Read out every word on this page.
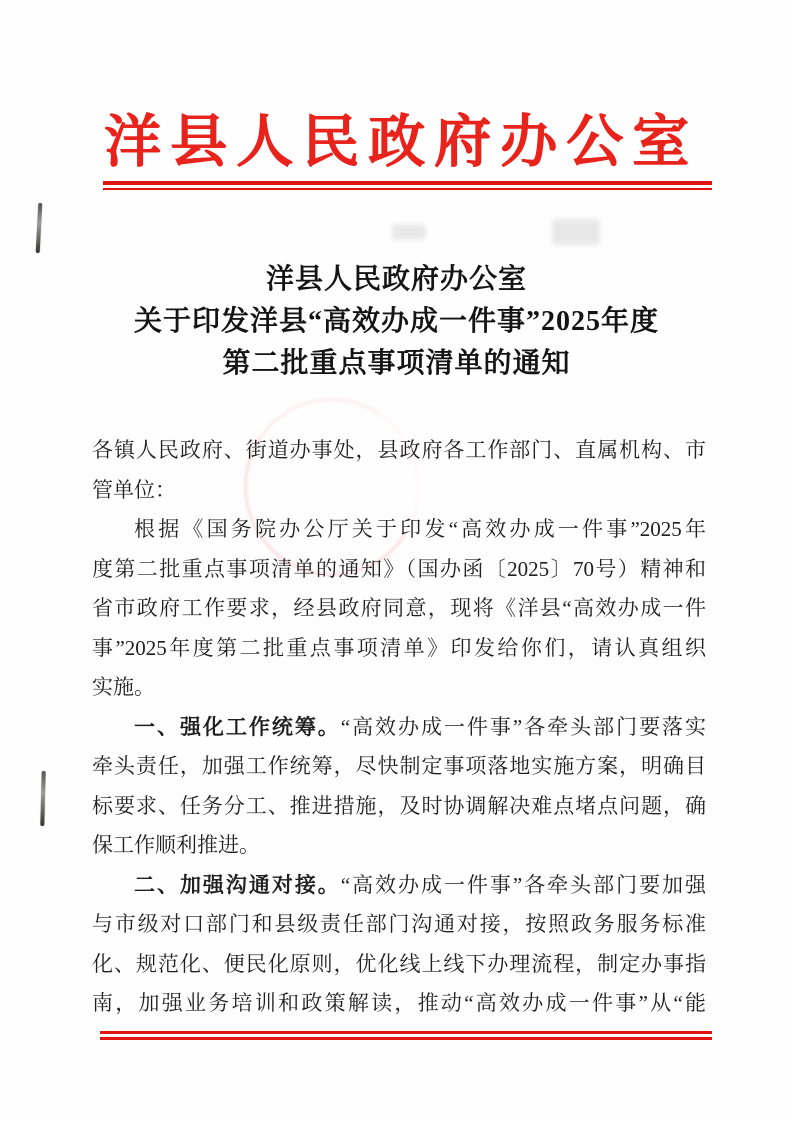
洋县人民政府办公室
洋县人民政府办公室
关于印发洋县“高效办成一件事”2025年度
第二批重点事项清单的通知
各镇人民政府、街道办事处，县政府各工作部门、直属机构、市
管单位：
根据《国务院办公厅关于印发“高效办成一件事”2025年
度第二批重点事项清单的通知》（国办函〔2025〕70号）精神和
省市政府工作要求，经县政府同意，现将《洋县“高效办成一件
事”2025年度第二批重点事项清单》印发给你们，请认真组织
实施。
一、强化工作统筹。“高效办成一件事”各牵头部门要落实
牵头责任，加强工作统筹，尽快制定事项落地实施方案，明确目
标要求、任务分工、推进措施，及时协调解决难点堵点问题，确
保工作顺利推进。
二、加强沟通对接。“高效办成一件事”各牵头部门要加强
与市级对口部门和县级责任部门沟通对接，按照政务服务标准
化、规范化、便民化原则，优化线上线下办理流程，制定办事指
南，加强业务培训和政策解读，推动“高效办成一件事”从“能
